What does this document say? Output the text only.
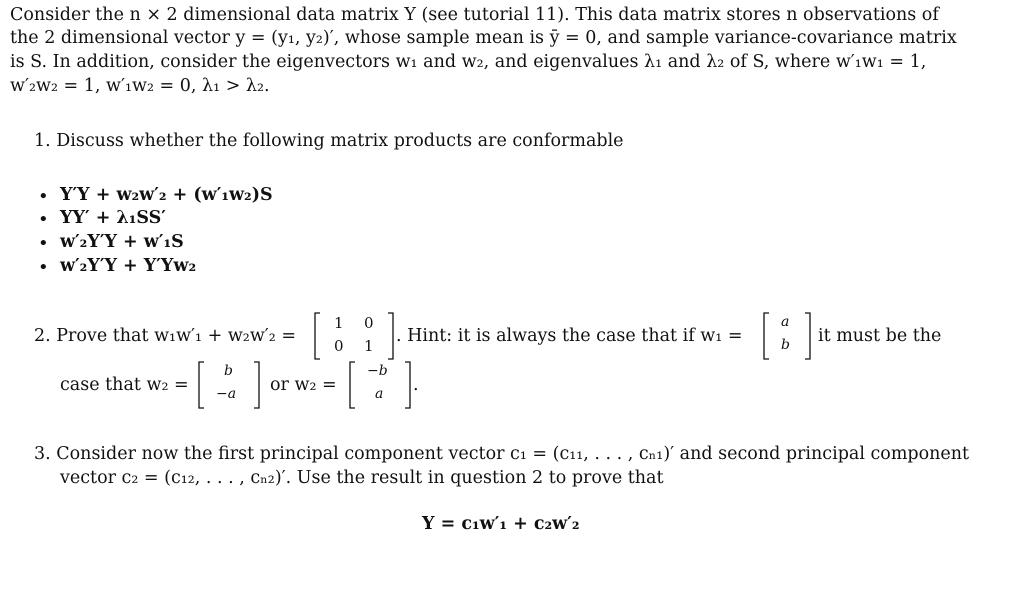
Consider the n × 2 dimensional data matrix Y (see tutorial 11). This data matrix stores n observations of
the 2 dimensional vector y = (y₁, y₂)′, whose sample mean is ȳ = 0, and sample variance-covariance matrix
is S. In addition, consider the eigenvectors w₁ and w₂, and eigenvalues λ₁ and λ₂ of S, where w′₁w₁ = 1,
w′₂w₂ = 1, w′₁w₂ = 0, λ₁ > λ₂.
1. Discuss whether the following matrix products are conformable
• Y′Y + w₂w′₂ + (w′₁w₂)S
• YY′ + λ₁SS′
• w′₂Y′Y + w′₁S
• w′₂Y′Y + Y′Yw₂
2. Prove that w₁w′₁ + w₂w′₂ =
1 0
0 1 . Hint: it is always the case that if w₁ =
a
b it must be the
case that w₂ =
b
−a or w₂ =
−b
a .
3. Consider now the first principal component vector c₁ = (c₁₁, . . . , cₙ₁)′ and second principal component
vector c₂ = (c₁₂, . . . , cₙ₂)′. Use the result in question 2 to prove that
Y = c₁w′₁ + c₂w′₂
